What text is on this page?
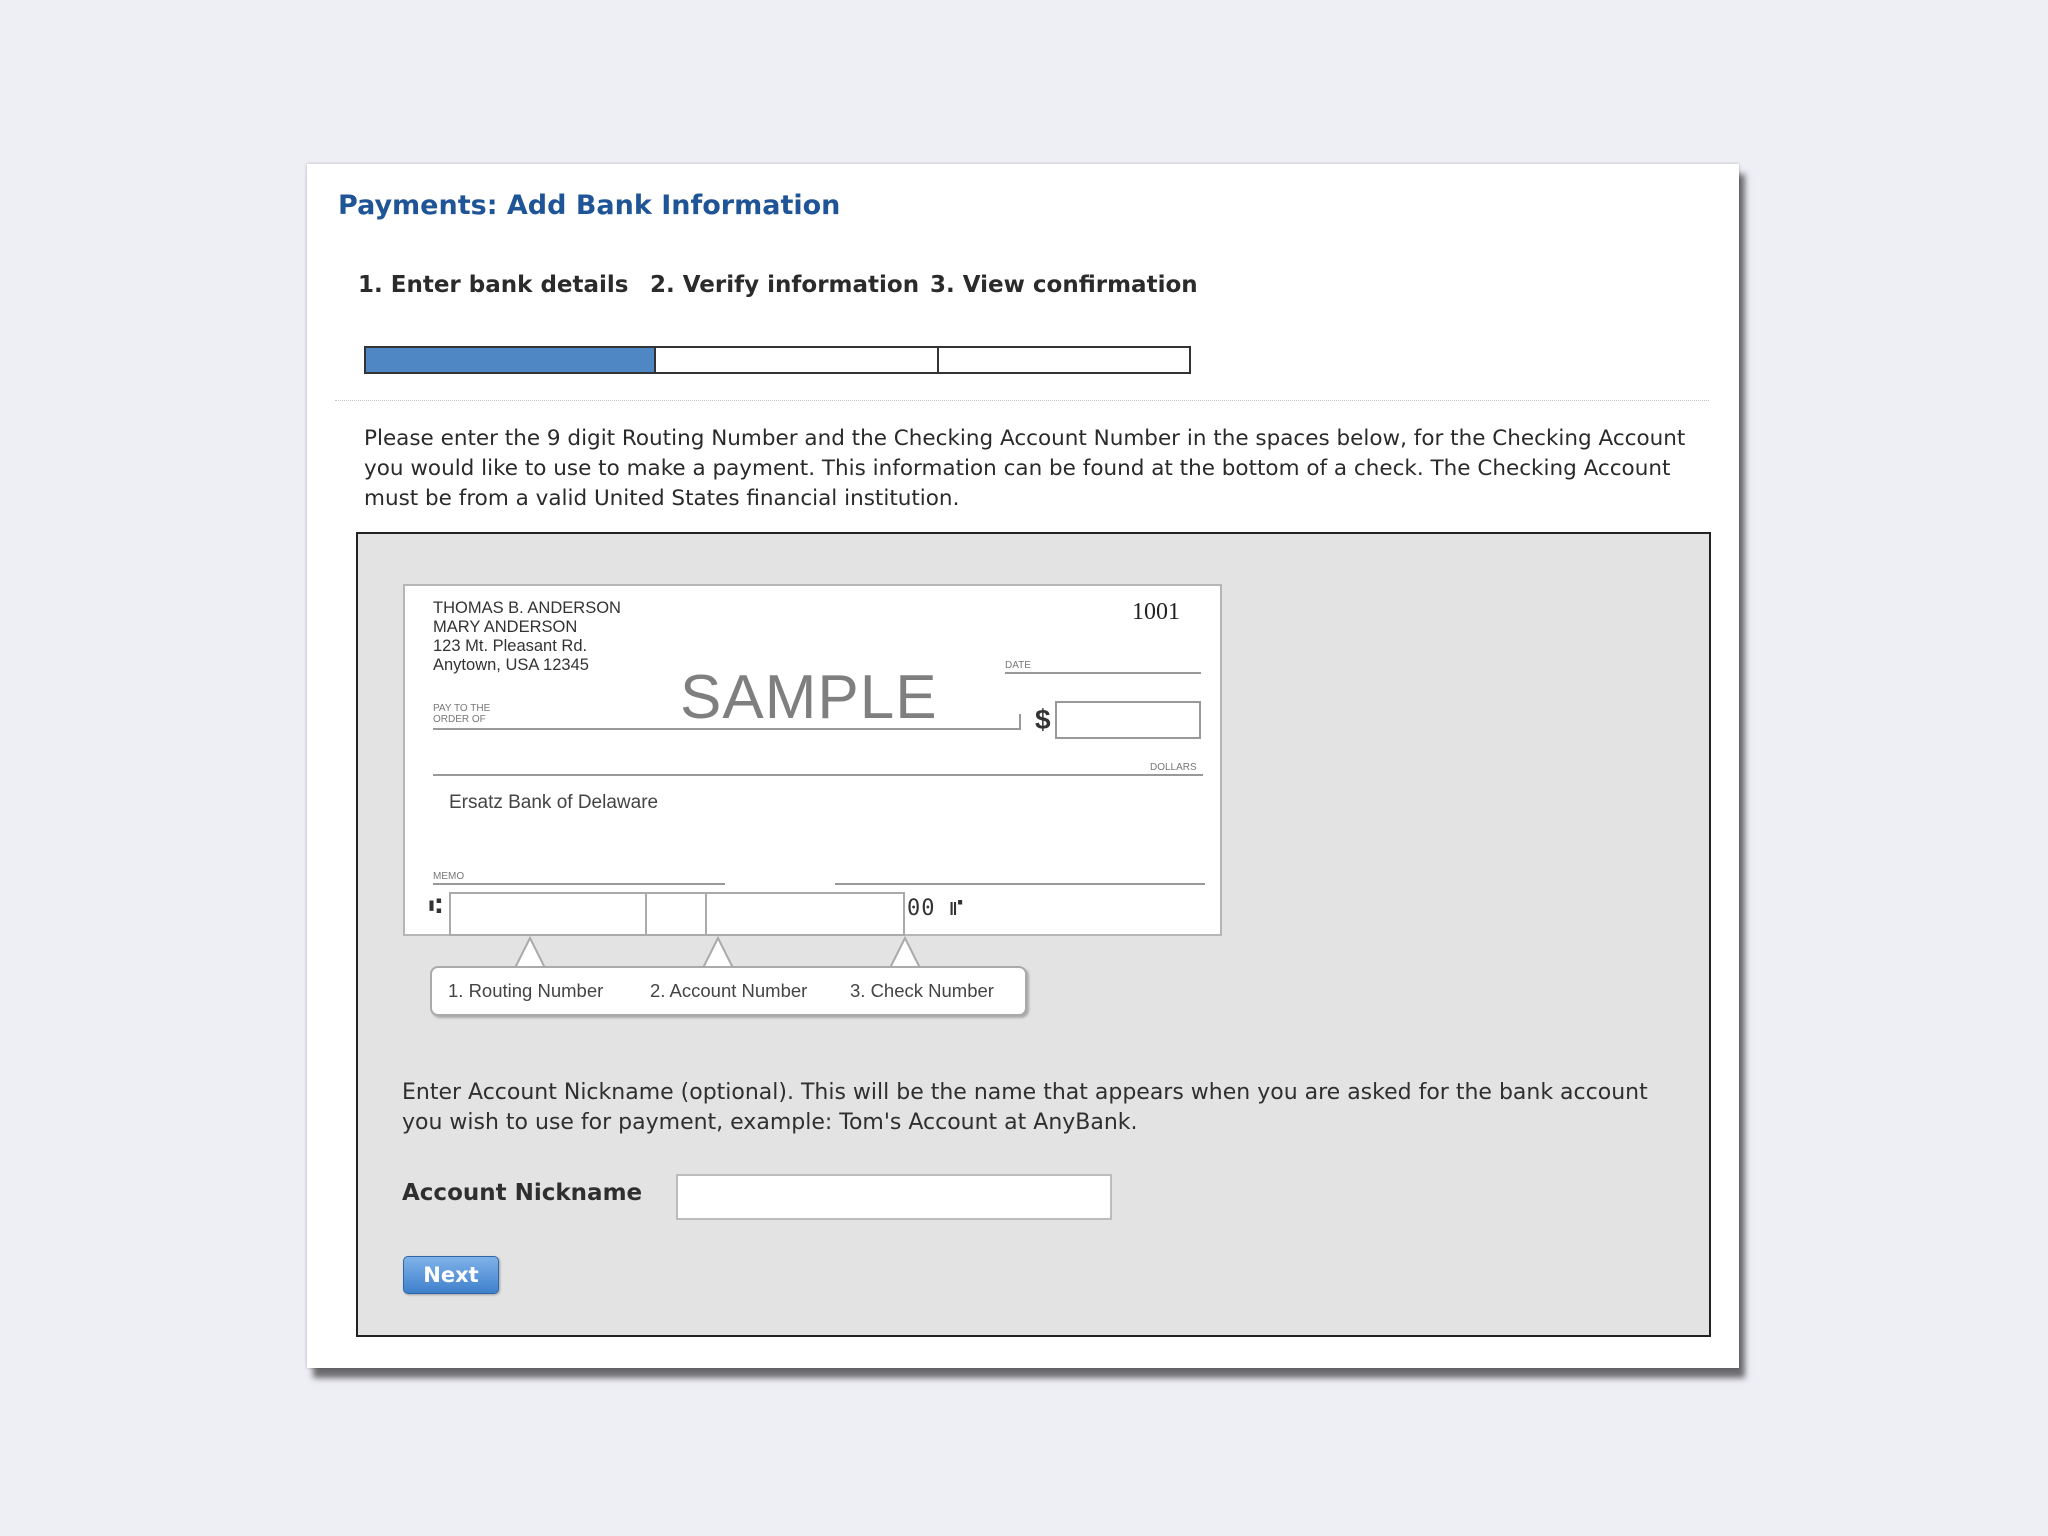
Payments: Add Bank Information
1. Enter bank details 2. Verify information 3. View confirmation

Please enter the 9 digit Routing Number and the Checking Account Number in the spaces below, for the Checking Account you would like to use to make a payment. This information can be found at the bottom of a check. The Checking Account must be from a valid United States financial institution.

THOMAS B. ANDERSON
MARY ANDERSON
123 Mt. Pleasant Rd.
Anytown, USA 12345
1001
DATE
PAY TO THE ORDER OF	SAMPLE	$
DOLLARS
Ersatz Bank of Delaware
MEMO
⑆	00 ⑈
1. Routing Number	2. Account Number 3. Check Number

Enter Account Nickname (optional). This will be the name that appears when you are asked for the bank account you wish to use for payment, example: Tom's Account at AnyBank.

Account Nickname
Next
